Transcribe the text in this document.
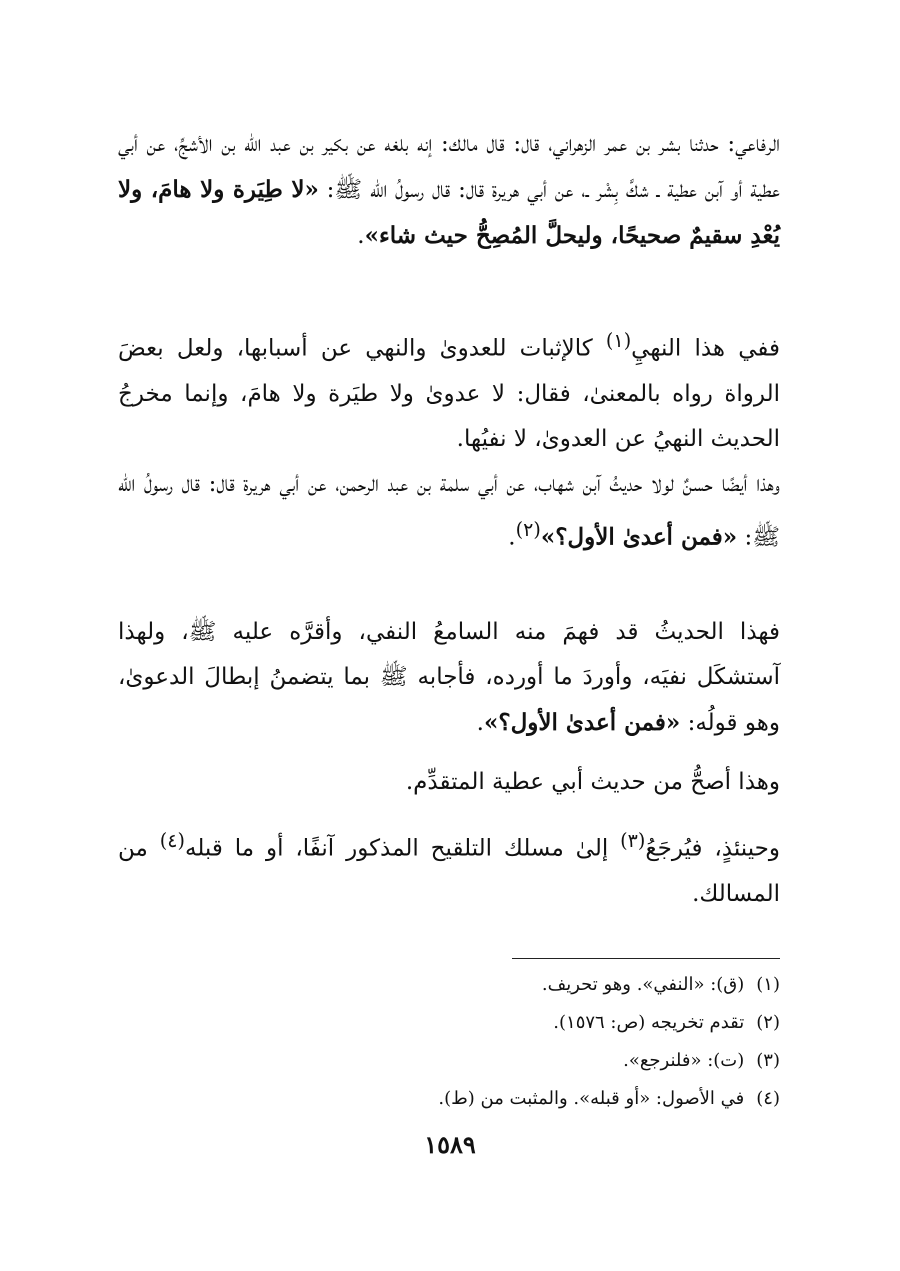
الرفاعي: حدثنا بشر بن عمر الزهراني، قال: قال مالك: إنه بلغه عن بكير بن عبد الله بن الأشجِّ، عن أبي عطية أو آبن عطية ـ شكَّ بِشْر ـ، عن أبي هريرة قال: قال رسولُ الله ﷺ: «لا طِيَرة ولا هامَ، ولا يُعْدِ سقيمٌ صحيحًا، وليحلَّ المُصِحُّ حيث شاء».

ففي هذا النهيِ$^{(١)}$ كالإثبات للعدوىٰ والنهي عن أسبابها، ولعل بعضَ الرواة رواه بالمعنىٰ، فقال: لا عدوىٰ ولا طيَرة ولا هامَ، وإنما مخرجُ الحديث النهيُ عن العدوىٰ، لا نفيُها.

وهذا أيضًا حسنٌ لولا حديثُ آبن شهاب، عن أبي سلمة بن عبد الرحمن، عن أبي هريرة قال: قال رسولُ الله ﷺ: «فمن أعدىٰ الأول؟»$^{(٢)}$.

فهذا الحديثُ قد فهمَ منه السامعُ النفي، وأقرَّه عليه ﷺ، ولهذا آستشكَل نفيَه، وأوردَ ما أورده، فأجابه ﷺ بما يتضمنُ إبطالَ الدعوىٰ، وهو قولُه: «فمن أعدىٰ الأول؟».

وهذا أصحُّ من حديث أبي عطية المتقدِّم.

وحينئذٍ، فيُرجَعُ$^{(٣)}$ إلىٰ مسلك التلقيح المذكور آنفًا، أو ما قبله$^{(٤)}$ من المسالك.

(١) (ق): «النفي». وهو تحريف.

(٢) تقدم تخريجه (ص: ١٥٧٦).

(٣) (ت): «فلنرجع».

(٤) في الأصول: «أو قبله». والمثبت من (ط).

١٥٨٩
